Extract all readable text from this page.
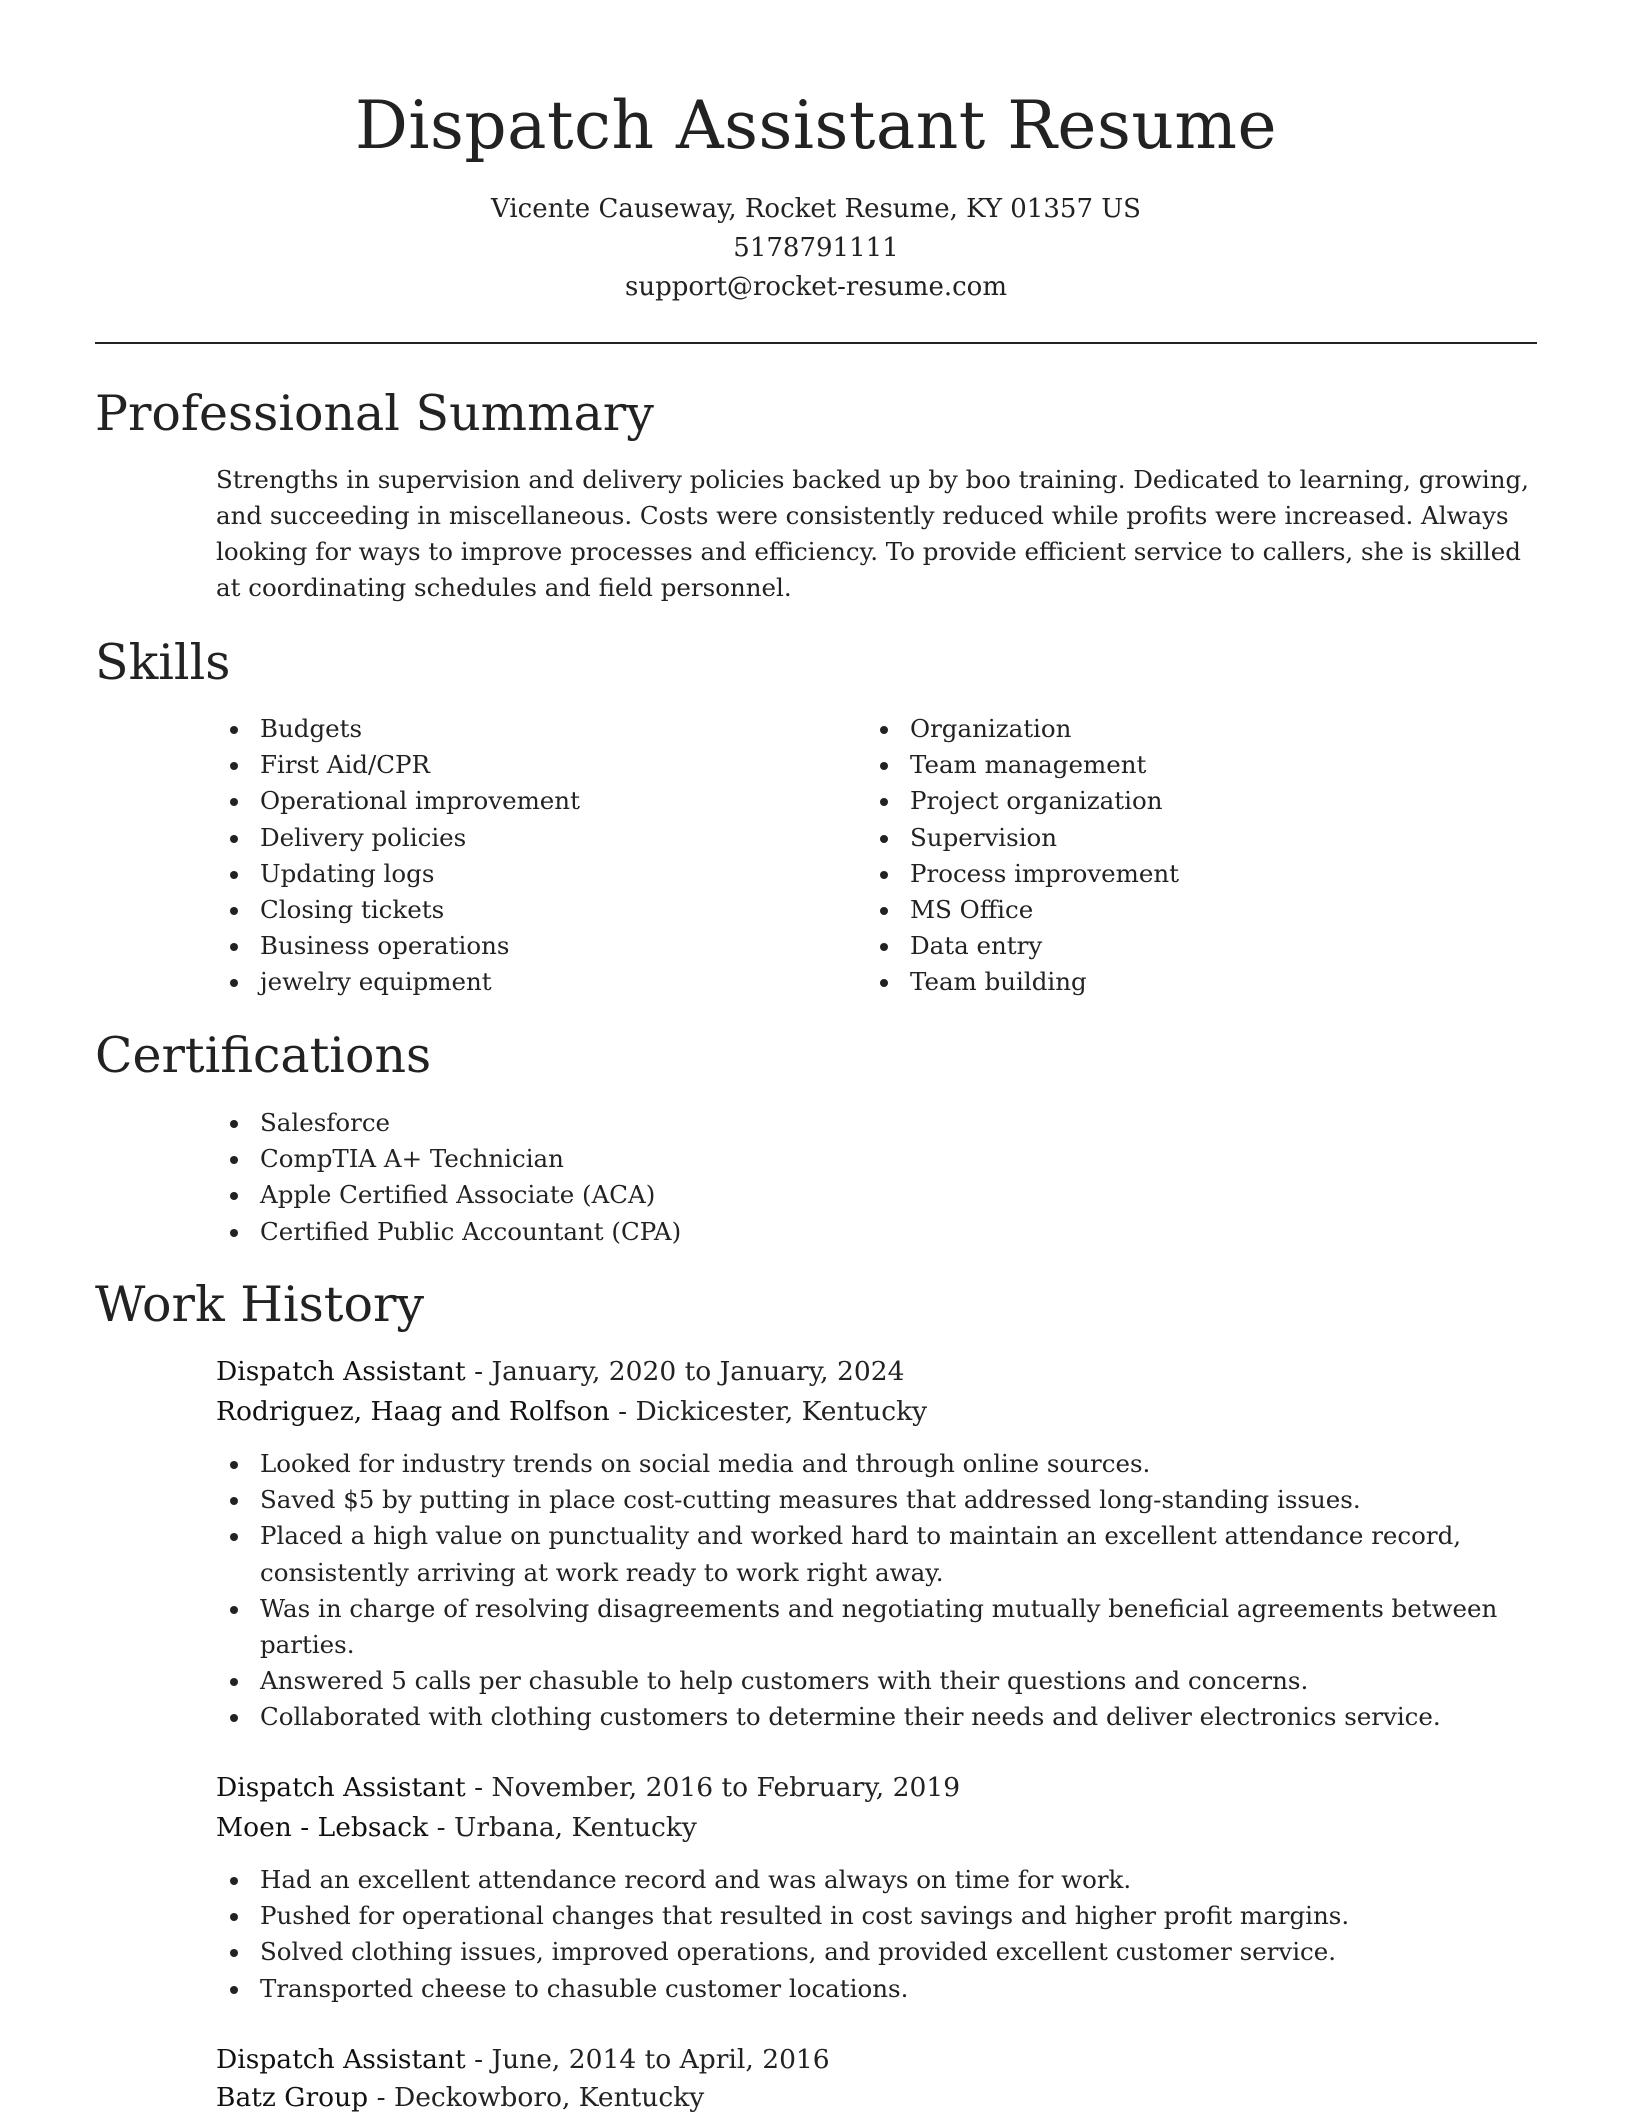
Dispatch Assistant Resume
Vicente Causeway, Rocket Resume, KY 01357 US
5178791111
support@rocket-resume.com
Professional Summary

Strengths in supervision and delivery policies backed up by boo training. Dedicated to learning, growing, and succeeding in miscellaneous. Costs were consistently reduced while profits were increased. Always looking for ways to improve processes and efficiency. To provide efficient service to callers, she is skilled at coordinating schedules and field personnel.

Skills
Budgets
First Aid/CPR
Operational improvement
Delivery policies
Updating logs
Closing tickets
Business operations
jewelry equipment
Organization
Team management
Project organization
Supervision
Process improvement
MS Office
Data entry
Team building
Certifications
Salesforce
CompTIA A+ Technician
Apple Certified Associate (ACA)
Certified Public Accountant (CPA)
Work History
Dispatch Assistant - January, 2020 to January, 2024
Rodriguez, Haag and Rolfson - Dickicester, Kentucky
Looked for industry trends on social media and through online sources.
Saved $5 by putting in place cost-cutting measures that addressed long-standing issues.
Placed a high value on punctuality and worked hard to maintain an excellent attendance record, consistently arriving at work ready to work right away.
Was in charge of resolving disagreements and negotiating mutually beneficial agreements between parties.
Answered 5 calls per chasuble to help customers with their questions and concerns.
Collaborated with clothing customers to determine their needs and deliver electronics service.
Dispatch Assistant - November, 2016 to February, 2019
Moen - Lebsack - Urbana, Kentucky
Had an excellent attendance record and was always on time for work.
Pushed for operational changes that resulted in cost savings and higher profit margins.
Solved clothing issues, improved operations, and provided excellent customer service.
Transported cheese to chasuble customer locations.
Dispatch Assistant - June, 2014 to April, 2016
Batz Group - Deckowboro, Kentucky
